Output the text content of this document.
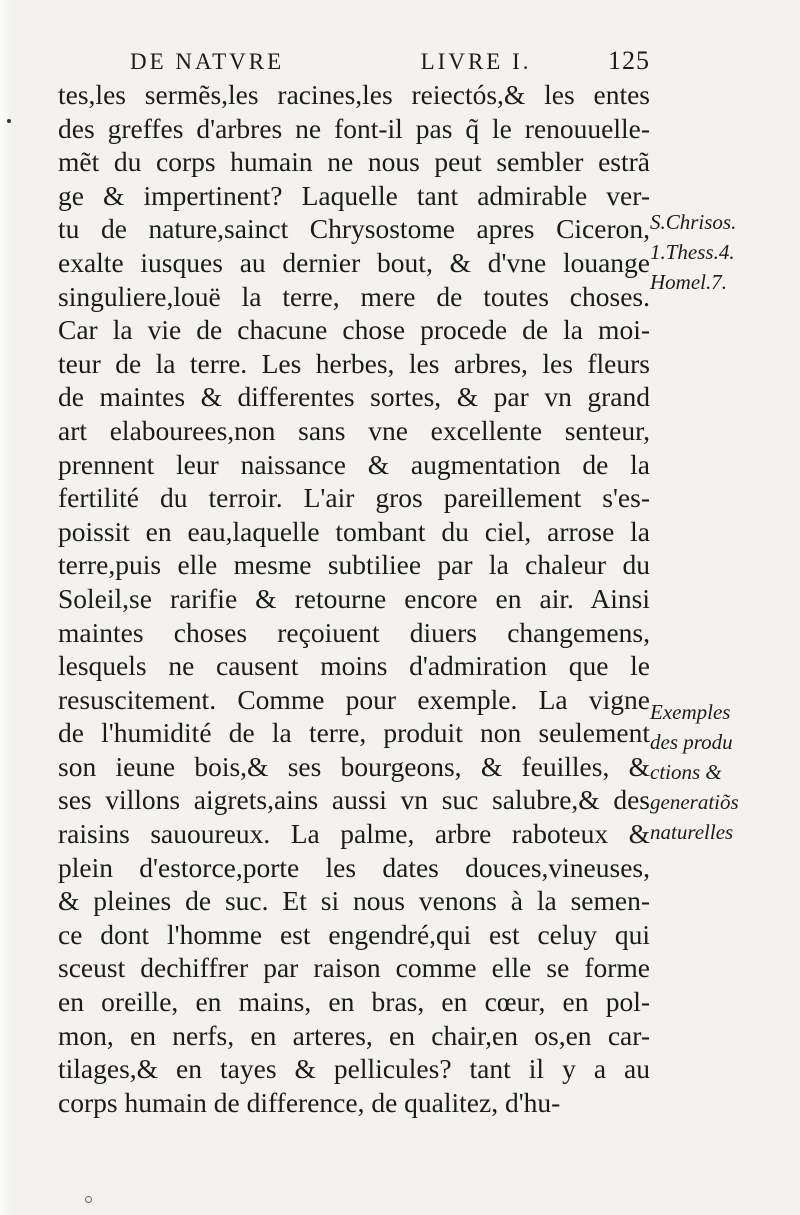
DE NATVRE	LIVRE I.	125
tes,les sermẽs,les racines,les reiectós,& les entes
des greffes d'arbres ne font-il pas q̃ le renouuelle-
mẽt du corps humain ne nous peut sembler estrã
ge & impertinent? Laquelle tant admirable ver-
tu de nature,sainct Chrysostome apres Ciceron,
exalte iusques au dernier bout, & d'vne louange
singuliere,louë la terre, mere de toutes choses.
Car la vie de chacune chose procede de la moi-
teur de la terre. Les herbes, les arbres, les fleurs
de maintes & differentes sortes, & par vn grand
art elabourees,non sans vne excellente senteur,
prennent leur naissance & augmentation de la
fertilité du terroir. L'air gros pareillement s'es-
poissit en eau,laquelle tombant du ciel, arrose la
terre,puis elle mesme subtiliee par la chaleur du
Soleil,se rarifie & retourne encore en air. Ainsi
maintes choses reçoiuent diuers changemens,
lesquels ne causent moins d'admiration que le
resuscitement. Comme pour exemple. La vigne
de l'humidité de la terre, produit non seulement
son ieune bois,& ses bourgeons, & feuilles, &
ses villons aigrets,ains aussi vn suc salubre,& des
raisins sauoureux. La palme, arbre raboteux &
plein d'estorce,porte les dates douces,vineuses,
& pleines de suc. Et si nous venons à la semen-
ce dont l'homme est engendré,qui est celuy qui
sceust dechiffrer par raison comme elle se forme
en oreille, en mains, en bras, en cœur, en pol-
mon, en nerfs, en arteres, en chair,en os,en car-
tilages,& en tayes & pellicules? tant il y a au
corps humain de difference, de qualitez, d'hu-
S.Chrisos.
1.Thess.4.
Homel.7.
Exemples
des produ
ctions &
generatiõs
naturelles
